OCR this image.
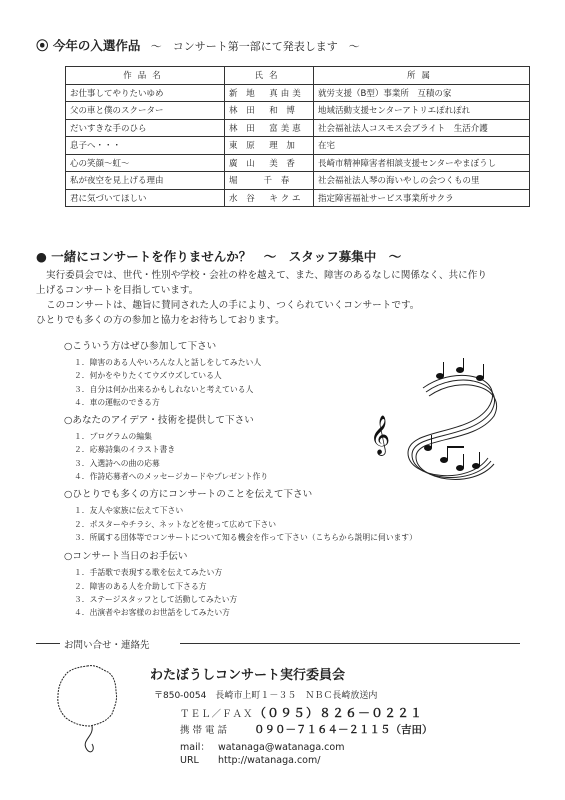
⦿ 今年の入選作品 ～　コンサート第一部にて発表します　～
作品名	氏名	所属
お仕事してやりたいゆめ	新 地　真由美	就労支援（B型）事業所　互積の家
父の車と僕のスクーター	林 田　和 博	地域活動支援センターアトリエぽれぽれ
だいすきな手のひら	林 田　富美恵	社会福祉法人コスモス会ブライト　生活介護
息子へ・・・	東 原　理 加	在宅
心の笑顔～虹～	廣 山　美 香	長崎市精神障害者相談支援センターやまぼうし
私が夜空を見上げる理由	堀　　千 春	社会福祉法人琴の海いやしの会つくもの里
君に気づいてほしい	水 谷　キクエ	指定障害福祉サービス事業所サクラ
● 一緒にコンサートを作りませんか？　～　スタッフ募集中　～
実行委員会では、世代・性別や学校・会社の枠を越えて、また、障害のあるなしに関係なく、共に作り
上げるコンサートを目指しています。
このコンサートは、趣旨に賛同された人の手により、つくられていくコンサートです。
ひとりでも多くの方の参加と協力をお待ちしております。
○こういう方はぜひ参加して下さい
１．障害のある人やいろんな人と話しをしてみたい人
２．何かをやりたくてウズウズしている人
３．自分は何か出来るかもしれないと考えている人
４．車の運転のできる方
○あなたのアイデア・技術を提供して下さい
１．プログラムの編集
２．応募詩集のイラスト書き
３．入選詩への曲の応募
４．作詩応募者へのメッセージカードやプレゼント作り
○ひとりでも多くの方にコンサートのことを伝えて下さい
１．友人や家族に伝えて下さい
２．ポスターやチラシ、ネットなどを使って広めて下さい
３．所属する団体等でコンサートについて知る機会を作って下さい（こちらから説明に伺います）
○コンサート当日のお手伝い
１．手話歌で表現する歌を伝えてみたい方
２．障害のある人を介助して下さる方
３．ステージスタッフとして活動してみたい方
４．出演者やお客様のお世話をしてみたい方
𝄞
お問い合せ・連絡先
わたぼうしコンサート実行委員会
〒850-0054　長崎市上町１－３５　ＮＢＣ長崎放送内
ＴＥＬ／ＦＡＸ （０９５）８２６－０２２１
携 帯 電 話	０９０－７１６４－２１１５（吉田）
mail： watanaga@watanaga.com
URL	http://watanaga.com/
